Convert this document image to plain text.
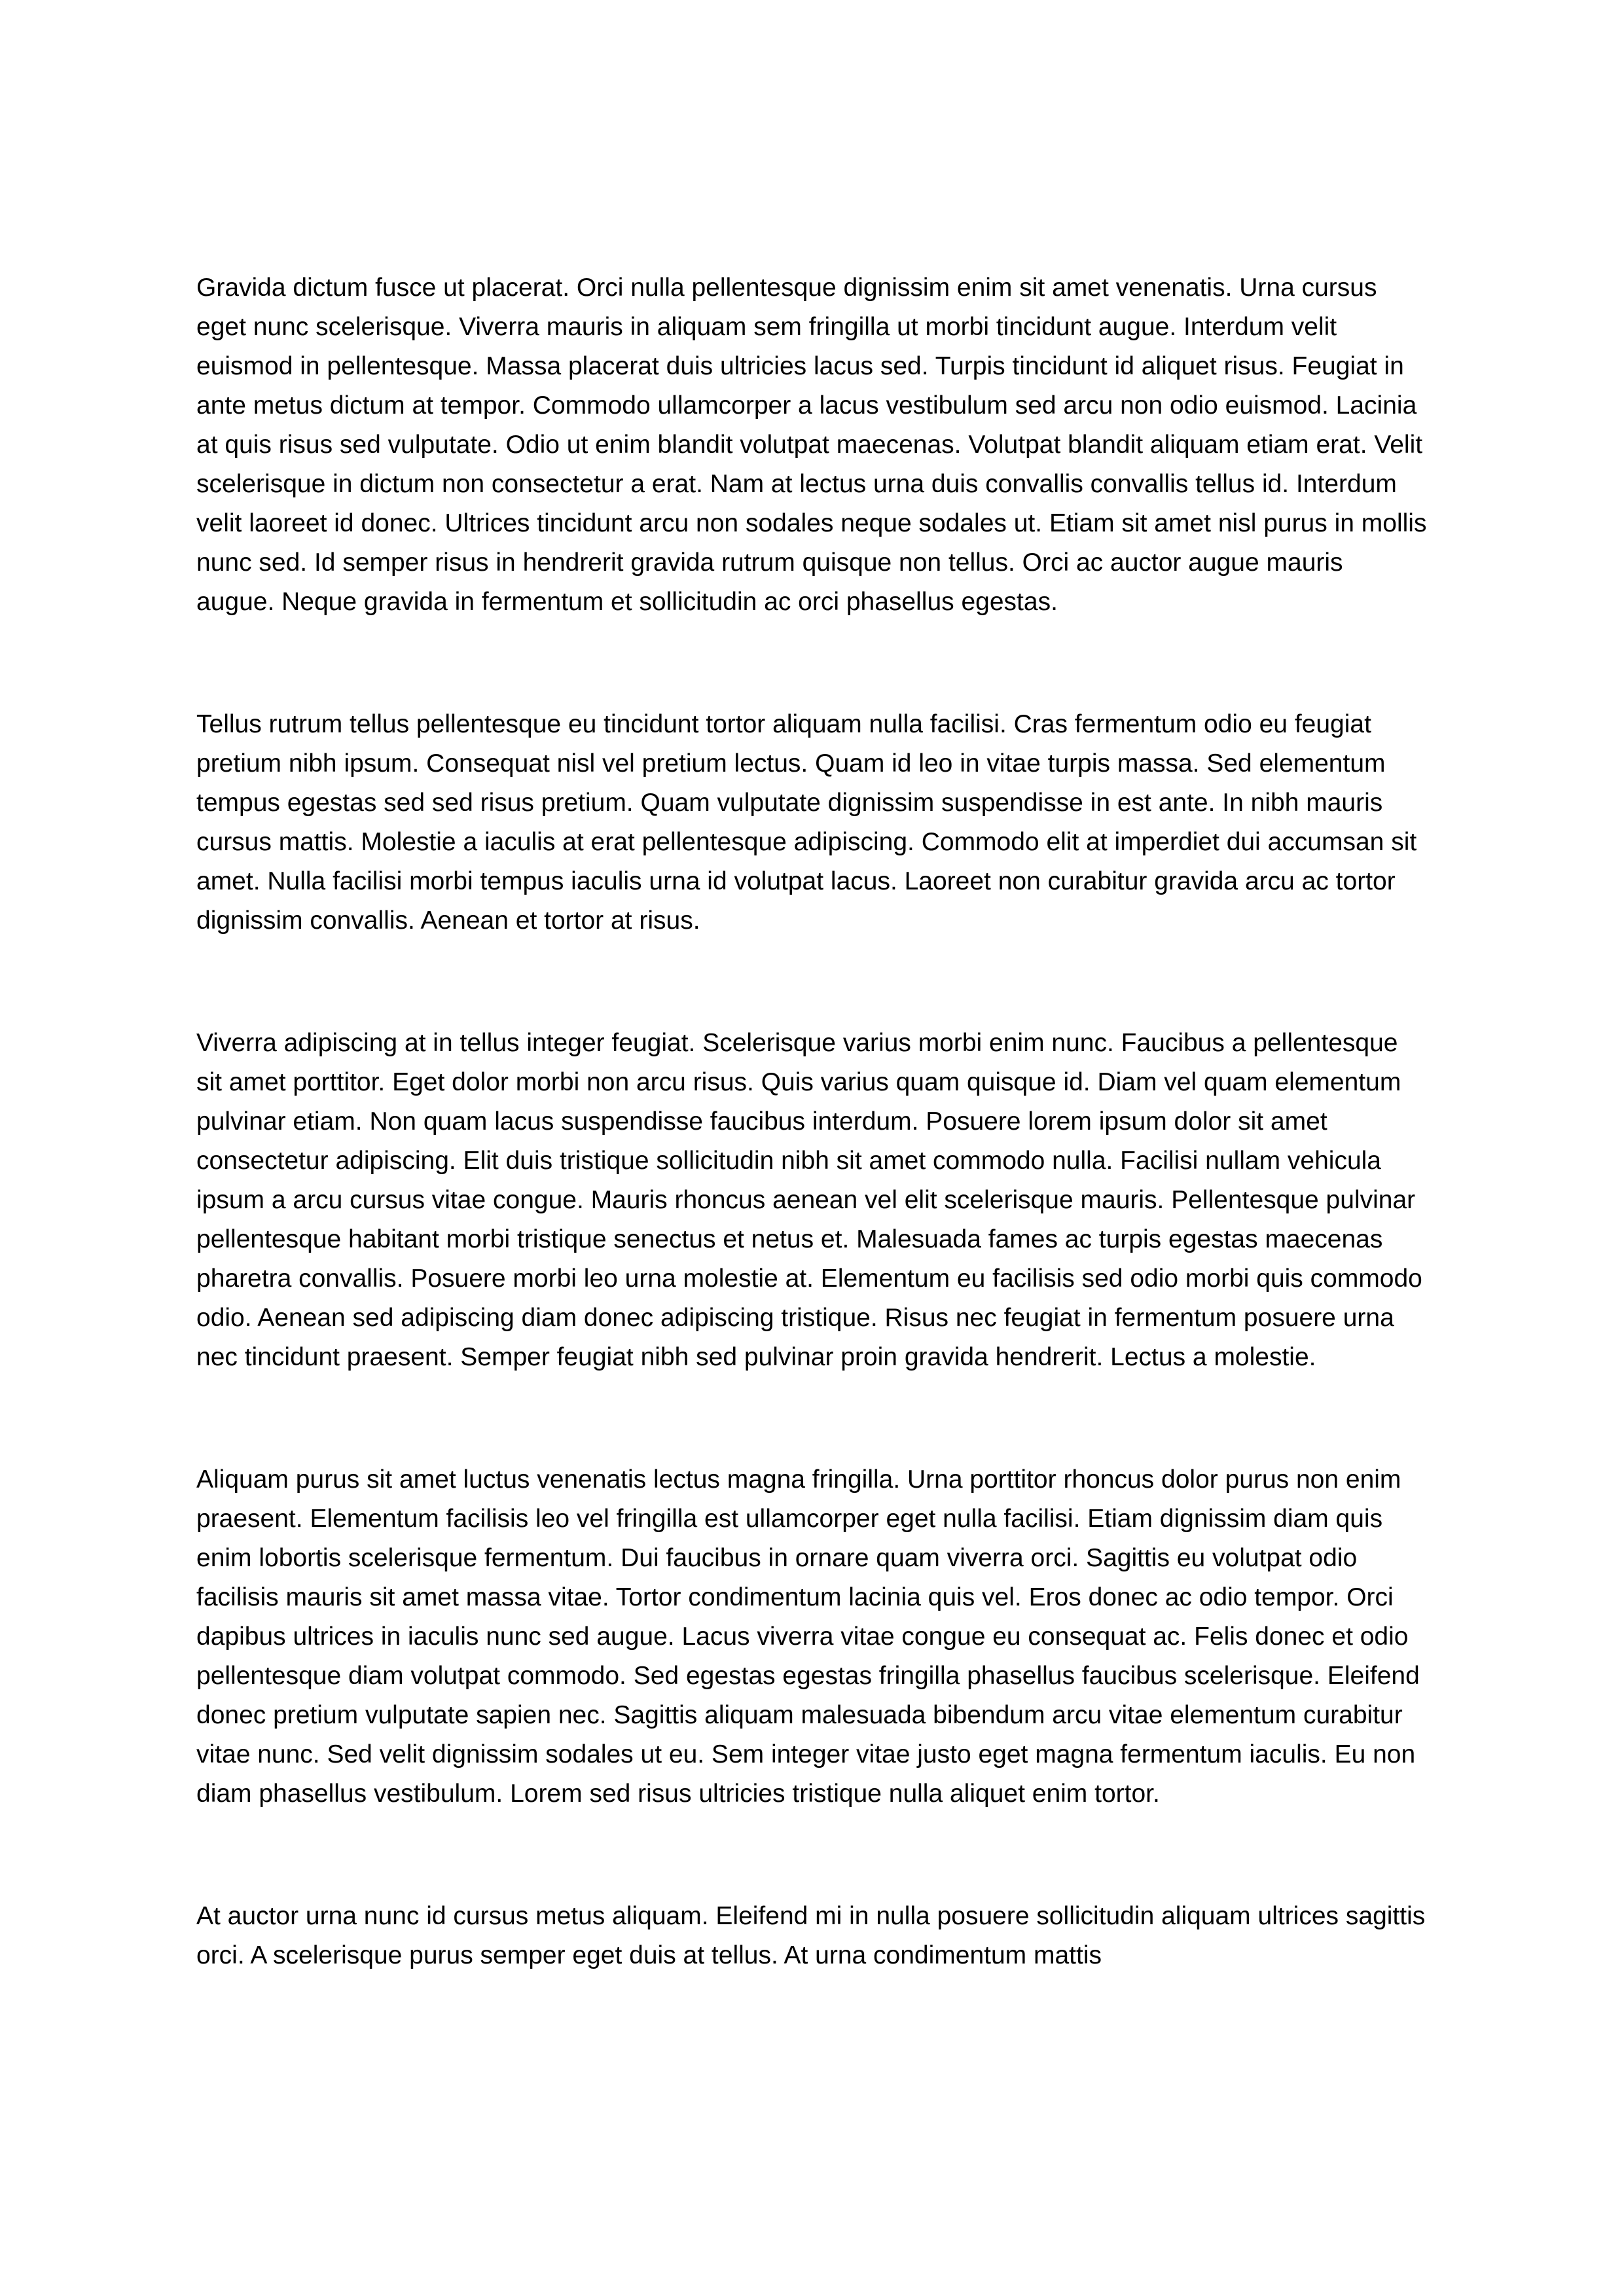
Gravida dictum fusce ut placerat. Orci nulla pellentesque dignissim enim sit amet venenatis. Urna cursus eget nunc scelerisque. Viverra mauris in aliquam sem fringilla ut morbi tincidunt augue. Interdum velit euismod in pellentesque. Massa placerat duis ultricies lacus sed. Turpis tincidunt id aliquet risus. Feugiat in ante metus dictum at tempor. Commodo ullamcorper a lacus vestibulum sed arcu non odio euismod. Lacinia at quis risus sed vulputate. Odio ut enim blandit volutpat maecenas. Volutpat blandit aliquam etiam erat. Velit scelerisque in dictum non consectetur a erat. Nam at lectus urna duis convallis convallis tellus id. Interdum velit laoreet id donec. Ultrices tincidunt arcu non sodales neque sodales ut. Etiam sit amet nisl purus in mollis nunc sed. Id semper risus in hendrerit gravida rutrum quisque non tellus. Orci ac auctor augue mauris augue. Neque gravida in fermentum et sollicitudin ac orci phasellus egestas.

Tellus rutrum tellus pellentesque eu tincidunt tortor aliquam nulla facilisi. Cras fermentum odio eu feugiat pretium nibh ipsum. Consequat nisl vel pretium lectus. Quam id leo in vitae turpis massa. Sed elementum tempus egestas sed sed risus pretium. Quam vulputate dignissim suspendisse in est ante. In nibh mauris cursus mattis. Molestie a iaculis at erat pellentesque adipiscing. Commodo elit at imperdiet dui accumsan sit amet. Nulla facilisi morbi tempus iaculis urna id volutpat lacus. Laoreet non curabitur gravida arcu ac tortor dignissim convallis. Aenean et tortor at risus.

Viverra adipiscing at in tellus integer feugiat. Scelerisque varius morbi enim nunc. Faucibus a pellentesque sit amet porttitor. Eget dolor morbi non arcu risus. Quis varius quam quisque id. Diam vel quam elementum pulvinar etiam. Non quam lacus suspendisse faucibus interdum. Posuere lorem ipsum dolor sit amet consectetur adipiscing. Elit duis tristique sollicitudin nibh sit amet commodo nulla. Facilisi nullam vehicula ipsum a arcu cursus vitae congue. Mauris rhoncus aenean vel elit scelerisque mauris. Pellentesque pulvinar pellentesque habitant morbi tristique senectus et netus et. Malesuada fames ac turpis egestas maecenas pharetra convallis. Posuere morbi leo urna molestie at. Elementum eu facilisis sed odio morbi quis commodo odio. Aenean sed adipiscing diam donec adipiscing tristique. Risus nec feugiat in fermentum posuere urna nec tincidunt praesent. Semper feugiat nibh sed pulvinar proin gravida hendrerit. Lectus a molestie.

Aliquam purus sit amet luctus venenatis lectus magna fringilla. Urna porttitor rhoncus dolor purus non enim praesent. Elementum facilisis leo vel fringilla est ullamcorper eget nulla facilisi. Etiam dignissim diam quis enim lobortis scelerisque fermentum. Dui faucibus in ornare quam viverra orci. Sagittis eu volutpat odio facilisis mauris sit amet massa vitae. Tortor condimentum lacinia quis vel. Eros donec ac odio tempor. Orci dapibus ultrices in iaculis nunc sed augue. Lacus viverra vitae congue eu consequat ac. Felis donec et odio pellentesque diam volutpat commodo. Sed egestas egestas fringilla phasellus faucibus scelerisque. Eleifend donec pretium vulputate sapien nec. Sagittis aliquam malesuada bibendum arcu vitae elementum curabitur vitae nunc. Sed velit dignissim sodales ut eu. Sem integer vitae justo eget magna fermentum iaculis. Eu non diam phasellus vestibulum. Lorem sed risus ultricies tristique nulla aliquet enim tortor.

At auctor urna nunc id cursus metus aliquam. Eleifend mi in nulla posuere sollicitudin aliquam ultrices sagittis orci. A scelerisque purus semper eget duis at tellus. At urna condimentum mattis
